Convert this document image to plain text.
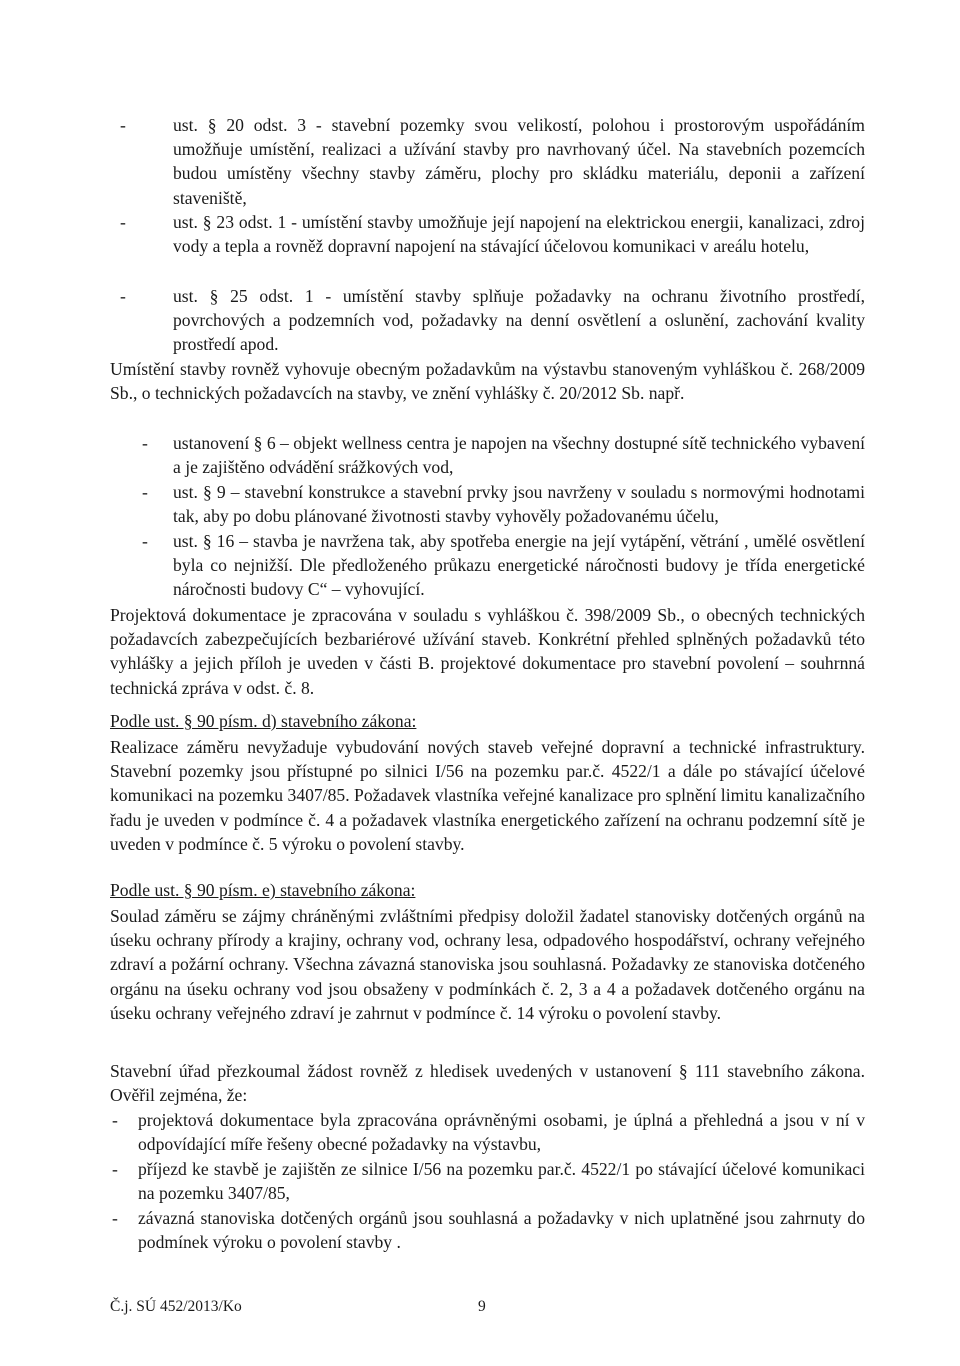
-	ust. § 20 odst. 3 - stavební pozemky svou velikostí, polohou i prostorovým uspořádáním umožňuje umístění, realizaci a užívání stavby pro navrhovaný účel. Na stavebních pozemcích budou umístěny všechny stavby záměru, plochy pro skládku materiálu, deponii a zařízení staveniště,

-	ust. § 23 odst. 1 - umístění stavby umožňuje její napojení na elektrickou energii, kanalizaci, zdroj vody a tepla a rovněž dopravní napojení na stávající účelovou komunikaci v areálu hotelu,

-	ust. § 25 odst. 1 - umístění stavby splňuje požadavky na ochranu životního prostředí, povrchových a podzemních vod, požadavky na denní osvětlení a oslunění, zachování kvality prostředí apod.

Umístění stavby rovněž vyhovuje obecným požadavkům na výstavbu stanoveným vyhláškou č. 268/2009 Sb., o technických požadavcích na stavby, ve znění vyhlášky č. 20/2012 Sb. např.

-	ustanovení § 6 – objekt wellness centra je napojen na všechny dostupné sítě technického vybavení a je zajištěno odvádění srážkových vod,

-	ust. § 9 – stavební konstrukce a stavební prvky jsou navrženy v souladu s normovými hodnotami tak, aby po dobu plánované životnosti stavby vyhověly požadovanému účelu,

-	ust. § 16 – stavba je navržena tak, aby spotřeba energie na její vytápění, větrání , umělé osvětlení byla co nejnižší. Dle předloženého průkazu energetické náročnosti budovy je třída energetické náročnosti budovy C“ – vyhovující.

Projektová dokumentace je zpracována v souladu s vyhláškou č. 398/2009 Sb., o obecných technických požadavcích zabezpečujících bezbariérové užívání staveb. Konkrétní přehled splněných požadavků této vyhlášky a jejich příloh je uveden v části B. projektové dokumentace pro stavební povolení – souhrnná technická zpráva v odst. č. 8.

Podle ust. § 90 písm. d) stavebního zákona:

Realizace záměru nevyžaduje vybudování nových staveb veřejné dopravní a technické infrastruktury. Stavební pozemky jsou přístupné po silnici I/56 na pozemku par.č. 4522/1 a dále po stávající účelové komunikaci na pozemku 3407/85. Požadavek vlastníka veřejné kanalizace pro splnění limitu kanalizačního řadu je uveden v podmínce č. 4 a požadavek vlastníka energetického zařízení na ochranu podzemní sítě je uveden v podmínce č. 5 výroku o povolení stavby.

Podle ust. § 90 písm. e) stavebního zákona:

Soulad záměru se zájmy chráněnými zvláštními předpisy doložil žadatel stanovisky dotčených orgánů na úseku ochrany přírody a krajiny, ochrany vod, ochrany lesa, odpadového hospodářství, ochrany veřejného zdraví a požární ochrany. Všechna závazná stanoviska jsou souhlasná. Požadavky ze stanoviska dotčeného orgánu na úseku ochrany vod jsou obsaženy v podmínkách č. 2, 3 a 4 a požadavek dotčeného orgánu na úseku ochrany veřejného zdraví je zahrnut v podmínce č. 14 výroku o povolení stavby.

Stavební úřad přezkoumal žádost rovněž z hledisek uvedených v ustanovení § 111 stavebního zákona. Ověřil zejména, že:

-	projektová dokumentace byla zpracována oprávněnými osobami, je úplná a přehledná a jsou v ní v odpovídající míře řešeny obecné požadavky na výstavbu,

-	příjezd ke stavbě je zajištěn ze silnice I/56 na pozemku par.č. 4522/1 po stávající účelové komunikaci na pozemku 3407/85,

-	závazná stanoviska dotčených orgánů jsou souhlasná a požadavky v nich uplatněné jsou zahrnuty do podmínek výroku o povolení stavby .

Č.j. SÚ 452/2013/Ko	9
